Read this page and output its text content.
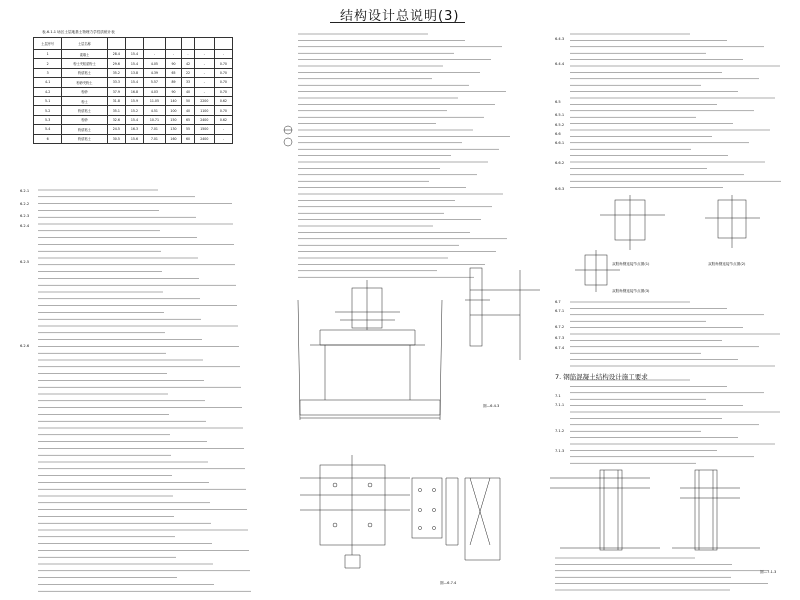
结构设计总说明(3)
表-6.1.1 场区土层地基土物理力学性质统计表
土层序号	土层名称							
1	素填土	28.4	15.4	-	-	-	-	-
2	粉土夹粘质粉土	29.6	15.4	4.05	90	42	-	0.70
3	粉质粘土	35.2	13.8	4.39	65	22	-	0.70
4-1	粉砂夹粉土	33.3	15.4	5.57	89	33	-	0.70
4-2	粉砂	37.9	16.8	4.03	90	40	-	0.70
5-1	粉土	31.8	15.9	11.05	140	50	2200	0.62
5-2	粉质粘土	35.1	15.2	4.51	100	40	1100	0.70
5-3	粉砂	32.6	15.4	10.71	150	65	2400	0.62
5-4	粉质粘土	24.5	16.3	7.01	130	55	1500	-
6	粉质粘土	30.5	15.6	7.01	160	60	2400	-
6.2.1
6.2.2
6.2.3
6.2.4
6.2.5
6.2.6
6.4.3
6.4.4
6.5
6.5.1
6.5.2
6.6
6.6.1
6.6.2
6.6.3
6.7
6.7.1
6.7.2
6.7.3
6.7.4
7.1
7.1.1
7.1.2
7.1.3
7. 钢筋混凝土结构设计施工要求
图—6.4.3
图—6.7.4
图—7.1.3
双肢角钢连接节点图(1)	双肢角钢连接节点图(2)
双肢角钢连接节点图(3)
